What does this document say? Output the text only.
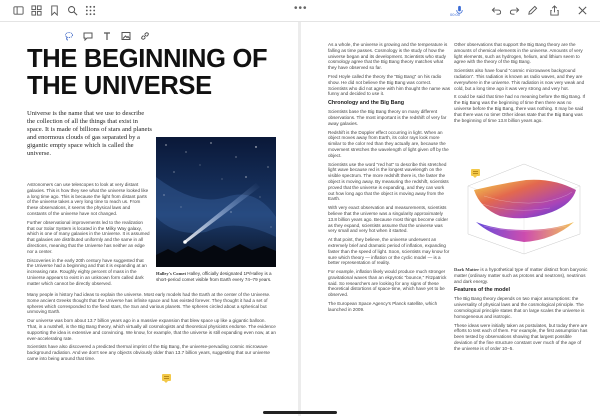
•••
00:00
THE BEGINNING OF
THE UNIVERSE
Universe is the name that we use to describe the collection of all the things that exist in space. It is made of billions of stars and planets and enormous clouds of gas separated by a gigantic empty space which is called the universe.

Astronomers can use telescopes to look at very distant galaxies. This is how they see what the universe looked like a long time ago. This is because the light from distant parts of the universe takes a very long time to reach us. From these observations, it seems the physical laws and constants of the universe have not changed.

Further observational improvements led to the realization that our Solar System is located in the Milky Way galaxy, which is one of many galaxies in the Universe. It is assumed that galaxies are distributed uniformly and the same in all directions, meaning that the Universe has neither an edge nor a center.

Discoveries in the early 20th century have suggested that the Universe had a beginning and that it is expanding at an increasing rate. Roughly eighty percent of mass in the Universe appears to exist in an unknown form called dark matter which cannot be directly observed.

Halley's Comet Halley, officially designated 1P/Halley is a short-period comet visible from Earth every 74–79 years.

Many people in history had ideas to explain the universe. Most early models had the Earth at the center of the Universe. Some ancient Greeks thought that the Universe has infinite space and has existed forever. They thought it had a set of spheres which corresponded to the fixed stars, the Sun and various planets. The spheres circled about a spherical but unmoving Earth.

Our universe was born about 13.7 billion years ago in a massive expansion that blew space up like a gigantic balloon. That, in a nutshell, is the Big Bang theory, which virtually all cosmologists and theoretical physicists endorse. The evidence supporting the idea is extensive and convincing. We know, for example, that the universe is still expanding even now, at an ever-accelerating rate.

Scientists have also discovered a predicted thermal imprint of the Big Bang, the universe-pervading cosmic microwave background radiation. And we don't see any objects obviously older than 13.7 billion years, suggesting that our universe came into being around that time.

As a whole, the universe is growing and the temperature is falling as time passes. Cosmology is the study of how the universe began and its development. Scientists who study cosmology agree that the Big Bang theory matches what they have observed so far.

Fred Hoyle called the theory the "Big Bang" on his radio show. He did not believe the Big Bang was correct. Scientists who did not agree with him thought the name was funny and decided to use it.

Chronology and the Big Bang

Scientists base the Big Bang theory on many different observations. The most important is the redshift of very far away galaxies.

Redshift is the Doppler effect occurring in light. When an object moves away from Earth, its color rays look more similar to the color red than they actually are, because the movement stretches the wavelength of light given off by the object.

Scientists use the word "red hot" to describe this stretched light wave because red is the longest wavelength on the visible spectrum. The more redshift there is, the faster the object is moving away. By measuring the redshift, scientists proved that the universe is expanding, and they can work out how long ago that the object is moving away from the Earth.

With very exact observation and measurements, scientists believe that the universe was a singularity approximately 13.8 billion years ago. Because most things become colder as they expand, scientists assume that the universe was very small and very hot when it started.

At that point, they believe, the universe underwent an extremely brief and dramatic period of inflation, expanding faster than the speed of light. Soon, scientists may know for sure which theory — inflation or the cyclic model — is a better representation of reality.

For example, inflation likely would produce much stronger gravitational waves than an ekpyrotic "bounce," Fitzpatrick said. So researchers are looking for any signs of these theoretical distortions of space-time, which have yet to be observed.

The European Space Agency's Planck satellite, which launched in 2009.

Other observations that support the Big Bang theory are the amounts of chemical elements in the universe. Amounts of very light elements, such as hydrogen, helium, and lithium seem to agree with the theory of the Big Bang.

Scientists also have found "cosmic microwaves background radiation". This radiation is known as radio waves, and they are everywhere in the universe. This radiation is now very weak and cold, but a long time ago it was very strong and very hot.

It could be said that time had no meaning before the Big Bang. If the Big Bang was the beginning of time then there was no universe before the Big Bang, there was nothing. It may be said that there was no time! Other ideas state that the Big Bang was the beginning of time 13.8 billion years ago.

Dark Matter is a hypothetical type of matter distinct from baryonic matter (ordinary matter such as protons and neutrons), neutrinos and dark energy.

Features of the model

The Big Bang theory depends on two major assumptions: the universality of physical laws and the cosmological principle. The cosmological principle states that on large scales the universe is homogeneous and isotropic.

These ideas were initially taken as postulates, but today there are efforts to test each of them. For example, the first assumption has been tested by observations showing that largest possible deviation of the fine structure constant over much of the age of the universe is of order 10−5.
